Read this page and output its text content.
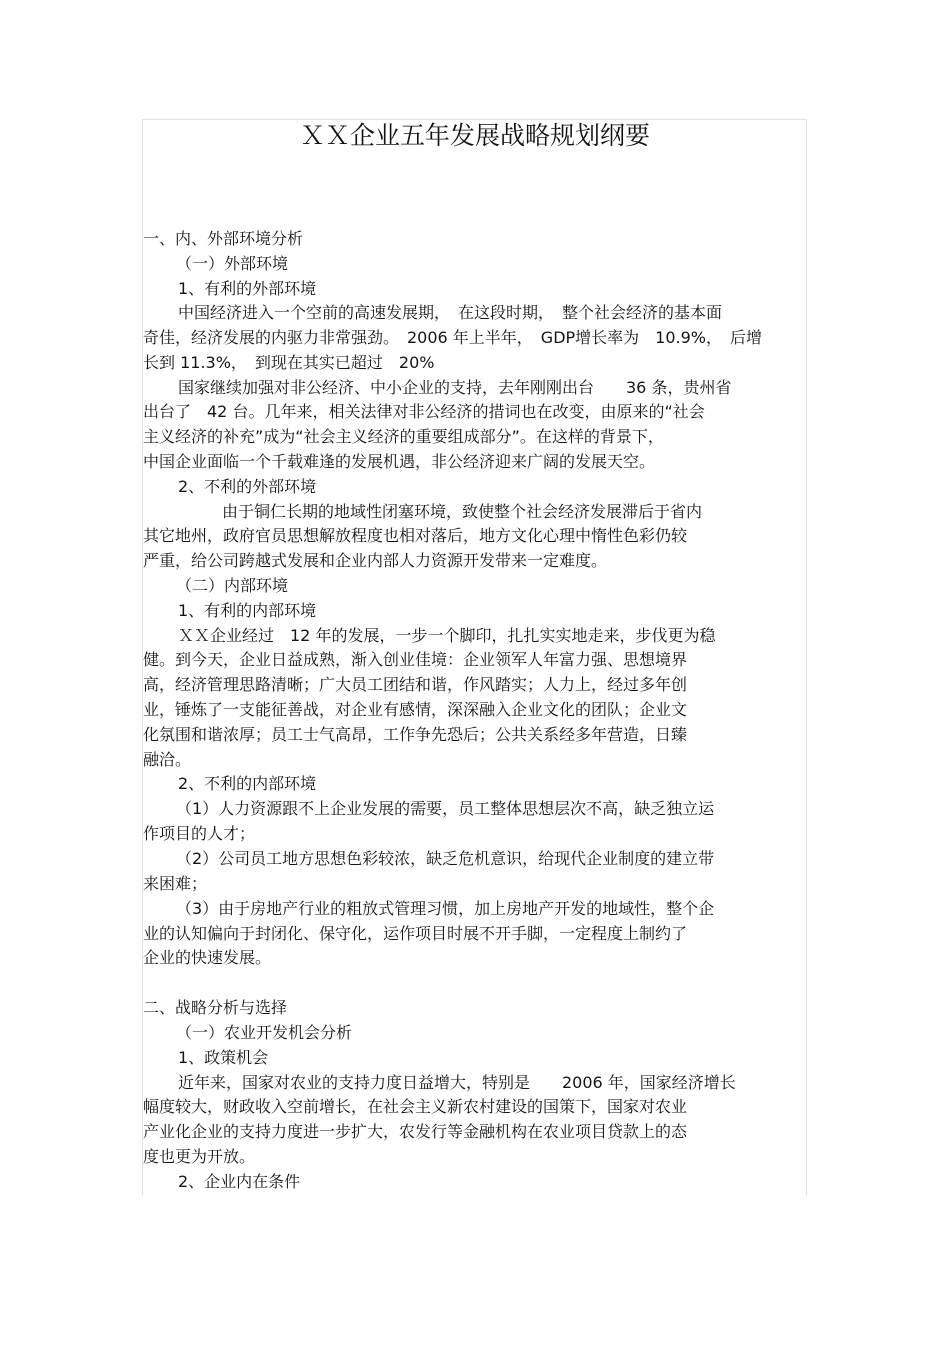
ＸＸ企业五年发展战略规划纲要

一、内、外部环境分析

（一）外部环境

1、有利的外部环境

中国经济进入一个空前的高速发展期，　在这段时期，　整个社会经济的基本面

奇佳，经济发展的内驱力非常强劲。　2006 年上半年，　GDP增长率为　10.9%，　后增

长到 11.3%，　到现在其实已超过　20%

国家继续加强对非公经济、中小企业的支持，去年刚刚出台　　36 条，贵州省

出台了　42 台。几年来，相关法律对非公经济的措词也在改变，由原来的“社会

主义经济的补充”成为“社会主义经济的重要组成部分”。在这样的背景下，

中国企业面临一个千载难逢的发展机遇，非公经济迎来广阔的发展天空。

2、不利的外部环境

由于铜仁长期的地域性闭塞环境，致使整个社会经济发展滞后于省内

其它地州，政府官员思想解放程度也相对落后，地方文化心理中惰性色彩仍较

严重，给公司跨越式发展和企业内部人力资源开发带来一定难度。

（二）内部环境

1、有利的内部环境

ＸＸ企业经过　12 年的发展，一步一个脚印，扎扎实实地走来，步伐更为稳

健。到今天，企业日益成熟，渐入创业佳境：企业领军人年富力强、思想境界

高，经济管理思路清晰；广大员工团结和谐，作风踏实；人力上，经过多年创

业，锤炼了一支能征善战，对企业有感情，深深融入企业文化的团队；企业文

化氛围和谐浓厚；员工士气高昂，工作争先恐后；公共关系经多年营造，日臻

融洽。

2、不利的内部环境

（1）人力资源跟不上企业发展的需要，员工整体思想层次不高，缺乏独立运

作项目的人才；

（2）公司员工地方思想色彩较浓，缺乏危机意识，给现代企业制度的建立带

来困难；

（3）由于房地产行业的粗放式管理习惯，加上房地产开发的地域性，整个企

业的认知偏向于封闭化、保守化，运作项目时展不开手脚，一定程度上制约了

企业的快速发展。

二、战略分析与选择

（一）农业开发机会分析

1、政策机会

近年来，国家对农业的支持力度日益增大，特别是　　2006 年，国家经济增长

幅度较大，财政收入空前增长，在社会主义新农村建设的国策下，国家对农业

产业化企业的支持力度进一步扩大，农发行等金融机构在农业项目贷款上的态

度也更为开放。

2、企业内在条件
